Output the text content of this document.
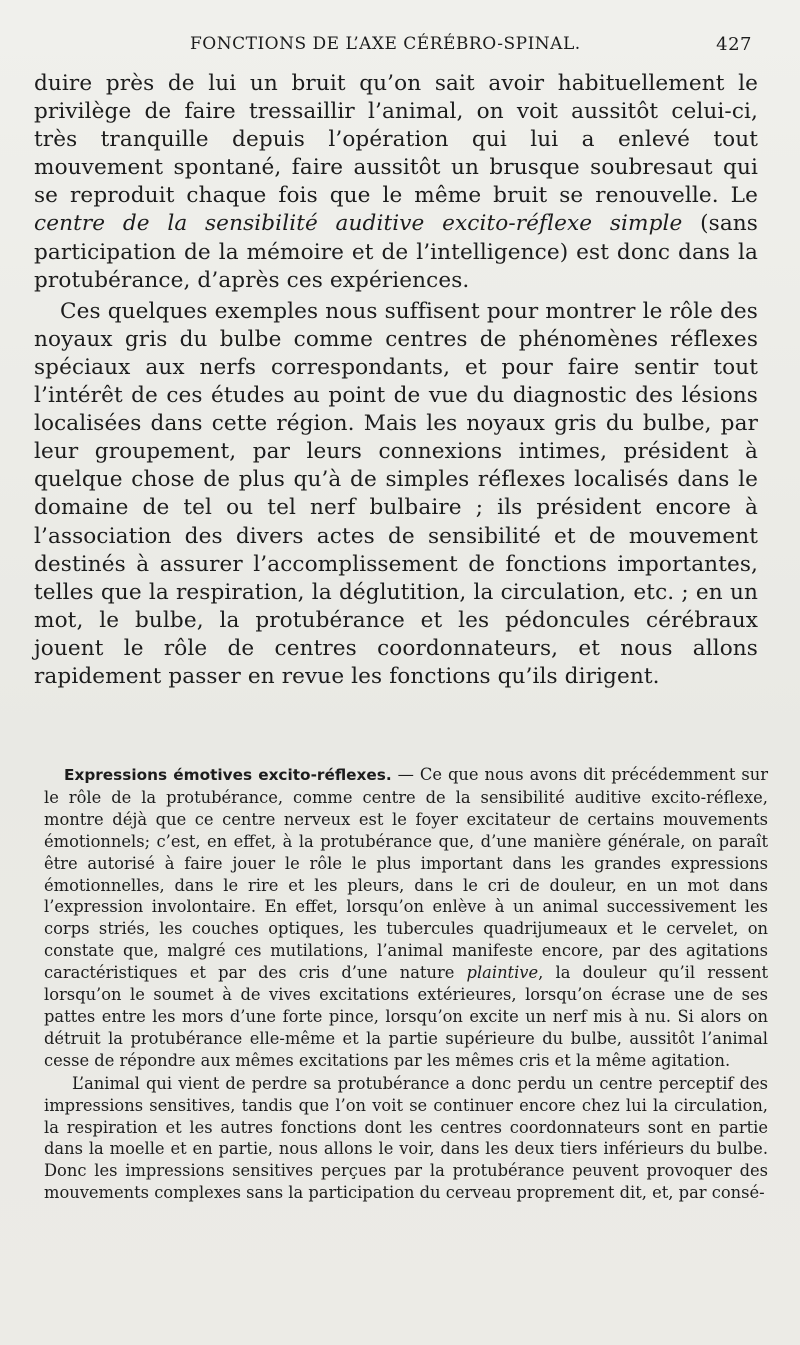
FONCTIONS DE L’AXE CÉRÉBRO-SPINAL.	427

duire près de lui un bruit qu’on sait avoir habituellement le privilège de faire tressaillir l’animal, on voit aussitôt celui-ci, très tranquille depuis l’opération qui lui a enlevé tout mouvement spontané, faire aussitôt un brusque soubresaut qui se reproduit chaque fois que le même bruit se renouvelle. Le centre de la sensibilité auditive excito-réflexe simple (sans participation de la mémoire et de l’intelligence) est donc dans la protubérance, d’après ces expériences.

Ces quelques exemples nous suffisent pour montrer le rôle des noyaux gris du bulbe comme centres de phénomènes réflexes spéciaux aux nerfs correspondants, et pour faire sentir tout l’intérêt de ces études au point de vue du diagnostic des lésions localisées dans cette région. Mais les noyaux gris du bulbe, par leur groupement, par leurs connexions intimes, président à quelque chose de plus qu’à de simples réflexes localisés dans le domaine de tel ou tel nerf bulbaire ; ils président encore à l’association des divers actes de sensibilité et de mouvement destinés à assurer l’accomplissement de fonctions importantes, telles que la respiration, la déglutition, la circulation, etc. ; en un mot, le bulbe, la protubérance et les pédoncules cérébraux jouent le rôle de centres coordonnateurs, et nous allons rapidement passer en revue les fonctions qu’ils dirigent.

Expressions émotives excito-réflexes. — Ce que nous avons dit précédemment sur le rôle de la protubérance, comme centre de la sensibilité auditive excito-réflexe, montre déjà que ce centre nerveux est le foyer excitateur de certains mouvements émotionnels; c’est, en effet, à la protubérance que, d’une manière générale, on paraît être autorisé à faire jouer le rôle le plus important dans les grandes expressions émotionnelles, dans le rire et les pleurs, dans le cri de douleur, en un mot dans l’expression involontaire. En effet, lorsqu’on enlève à un animal successivement les corps striés, les couches optiques, les tubercules quadrijumeaux et le cervelet, on constate que, malgré ces mutilations, l’animal manifeste encore, par des agitations caractéristiques et par des cris d’une nature plaintive, la douleur qu’il ressent lorsqu’on le soumet à de vives excitations extérieures, lorsqu’on écrase une de ses pattes entre les mors d’une forte pince, lorsqu’on excite un nerf mis à nu. Si alors on détruit la protubérance elle-même et la partie supérieure du bulbe, aussitôt l’animal cesse de répondre aux mêmes excitations par les mêmes cris et la même agitation.

L’animal qui vient de perdre sa protubérance a donc perdu un centre perceptif des impressions sensitives, tandis que l’on voit se continuer encore chez lui la circulation, la respiration et les autres fonctions dont les centres coordonnateurs sont en partie dans la moelle et en partie, nous allons le voir, dans les deux tiers inférieurs du bulbe. Donc les impressions sensitives perçues par la protubérance peuvent provoquer des mouvements complexes sans la participation du cerveau proprement dit, et, par consé-
